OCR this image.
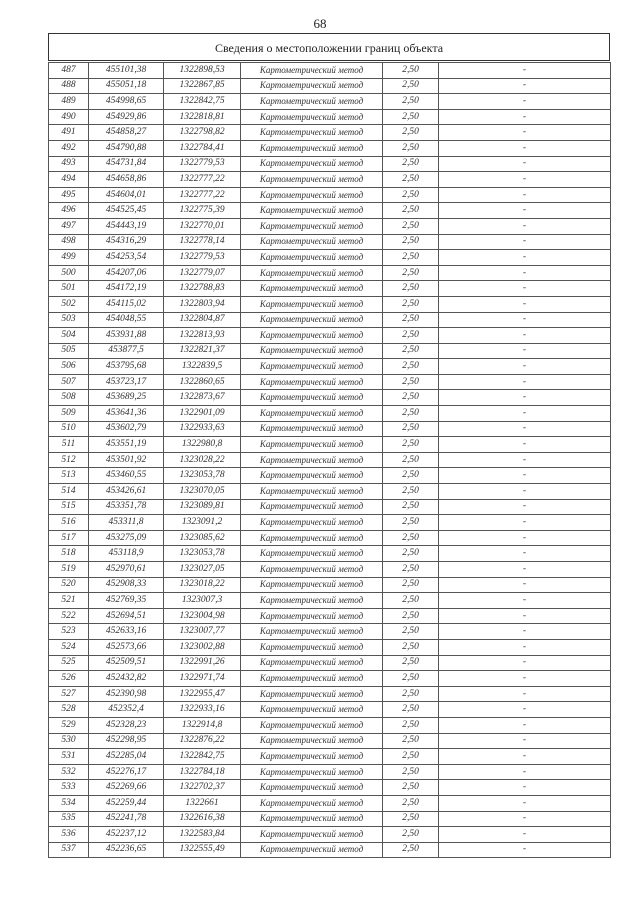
68
Сведения о местоположении границ объекта
487	455101,38	1322898,53	Картометрический метод	2,50	-
488	455051,18	1322867,85	Картометрический метод	2,50	-
489	454998,65	1322842,75	Картометрический метод	2,50	-
490	454929,86	1322818,81	Картометрический метод	2,50	-
491	454858,27	1322798,82	Картометрический метод	2,50	-
492	454790,88	1322784,41	Картометрический метод	2,50	-
493	454731,84	1322779,53	Картометрический метод	2,50	-
494	454658,86	1322777,22	Картометрический метод	2,50	-
495	454604,01	1322777,22	Картометрический метод	2,50	-
496	454525,45	1322775,39	Картометрический метод	2,50	-
497	454443,19	1322770,01	Картометрический метод	2,50	-
498	454316,29	1322778,14	Картометрический метод	2,50	-
499	454253,54	1322779,53	Картометрический метод	2,50	-
500	454207,06	1322779,07	Картометрический метод	2,50	-
501	454172,19	1322788,83	Картометрический метод	2,50	-
502	454115,02	1322803,94	Картометрический метод	2,50	-
503	454048,55	1322804,87	Картометрический метод	2,50	-
504	453931,88	1322813,93	Картометрический метод	2,50	-
505	453877,5	1322821,37	Картометрический метод	2,50	-
506	453795,68	1322839,5	Картометрический метод	2,50	-
507	453723,17	1322860,65	Картометрический метод	2,50	-
508	453689,25	1322873,67	Картометрический метод	2,50	-
509	453641,36	1322901,09	Картометрический метод	2,50	-
510	453602,79	1322933,63	Картометрический метод	2,50	-
511	453551,19	1322980,8	Картометрический метод	2,50	-
512	453501,92	1323028,22	Картометрический метод	2,50	-
513	453460,55	1323053,78	Картометрический метод	2,50	-
514	453426,61	1323070,05	Картометрический метод	2,50	-
515	453351,78	1323089,81	Картометрический метод	2,50	-
516	453311,8	1323091,2	Картометрический метод	2,50	-
517	453275,09	1323085,62	Картометрический метод	2,50	-
518	453118,9	1323053,78	Картометрический метод	2,50	-
519	452970,61	1323027,05	Картометрический метод	2,50	-
520	452908,33	1323018,22	Картометрический метод	2,50	-
521	452769,35	1323007,3	Картометрический метод	2,50	-
522	452694,51	1323004,98	Картометрический метод	2,50	-
523	452633,16	1323007,77	Картометрический метод	2,50	-
524	452573,66	1323002,88	Картометрический метод	2,50	-
525	452509,51	1322991,26	Картометрический метод	2,50	-
526	452432,82	1322971,74	Картометрический метод	2,50	-
527	452390,98	1322955,47	Картометрический метод	2,50	-
528	452352,4	1322933,16	Картометрический метод	2,50	-
529	452328,23	1322914,8	Картометрический метод	2,50	-
530	452298,95	1322876,22	Картометрический метод	2,50	-
531	452285,04	1322842,75	Картометрический метод	2,50	-
532	452276,17	1322784,18	Картометрический метод	2,50	-
533	452269,66	1322702,37	Картометрический метод	2,50	-
534	452259,44	1322661	Картометрический метод	2,50	-
535	452241,78	1322616,38	Картометрический метод	2,50	-
536	452237,12	1322583,84	Картометрический метод	2,50	-
537	452236,65	1322555,49	Картометрический метод	2,50	-
